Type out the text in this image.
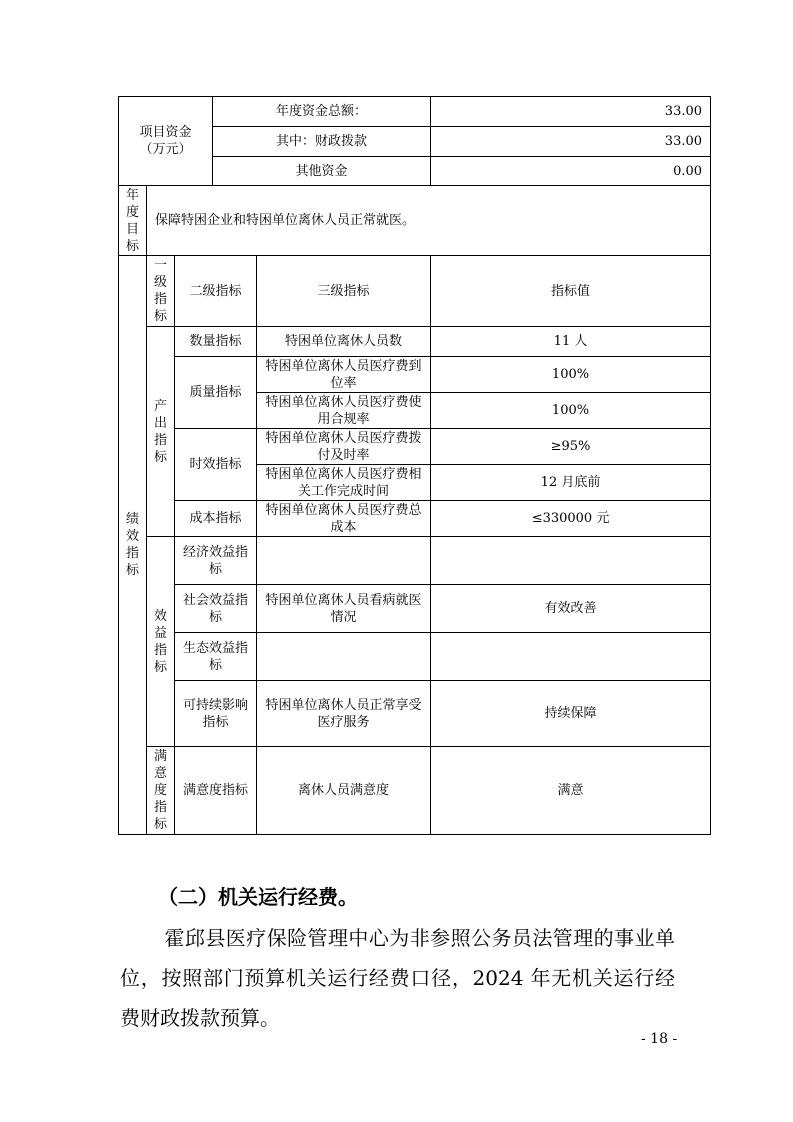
项目资金（万元）			年度资金总额：		33.00
			其中：财政拨款		33.00
			其他资金		0.00
年度目标	保障特困企业和特困单位离休人员正常就医。				
绩效指标	一级指标	二级指标		三级指标	指标值
	产出指标	数量指标		特困单位离休人员数	11 人
		质量指标		特困单位离休人员医疗费到位率	100%
				特困单位离休人员医疗费使用合规率	100%
		时效指标		特困单位离休人员医疗费拨付及时率	≥95%
				特困单位离休人员医疗费相关工作完成时间	12 月底前
		成本指标		特困单位离休人员医疗费总成本	≤330000 元
	效益指标	经济效益指标			
		社会效益指标		特困单位离休人员看病就医情况	有效改善
		生态效益指标			
		可持续影响指标		特困单位离休人员正常享受医疗服务	持续保障
	满意度指标	满意度指标		离休人员满意度	满意
（二）机关运行经费。
霍邱县医疗保险管理中心为非参照公务员法管理的事业单位，按照部门预算机关运行经费口径，2024 年无机关运行经费财政拨款预算。
- 18 -
